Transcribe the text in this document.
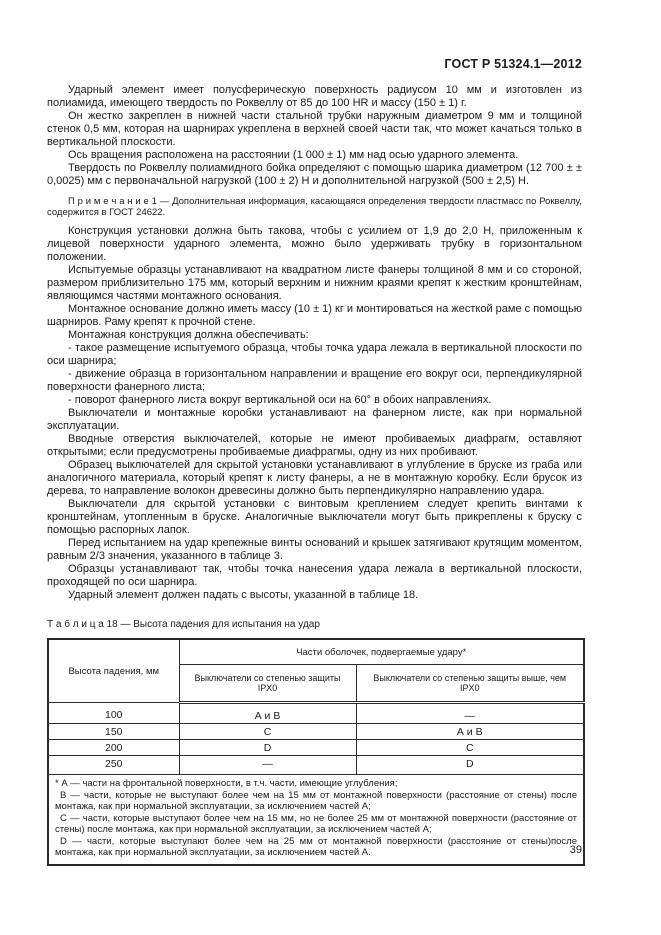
ГОСТ Р 51324.1—2012

Ударный элемент имеет полусферическую поверхность радиусом 10 мм и изготовлен из полиамида, имеющего твердость по Роквеллу от 85 до 100 HR и массу (150 ± 1) г.

Он жестко закреплен в нижней части стальной трубки наружным диаметром 9 мм и толщиной стенок 0,5 мм, которая на шарнирах укреплена в верхней своей части так, что может качаться только в вертикальной плоскости.

Ось вращения расположена на расстоянии (1 000 ± 1) мм над осью ударного элемента.

Твердость по Роквеллу полиамидного бойка определяют с помощью шарика диаметром (12 700 ± ± 0,0025) мм с первоначальной нагрузкой (100 ± 2) Н и дополнительной нагрузкой (500 ± 2,5) Н.

П р и м е ч а н и е 1 — Дополнительная информация, касающаяся определения твердости пластмасс по Роквеллу, содержится в ГОСТ 24622.

Конструкция установки должна быть такова, чтобы с усилием от 1,9 до 2,0 Н, приложенным к лицевой поверхности ударного элемента, можно было удерживать трубку в горизонтальном положении.

Испытуемые образцы устанавливают на квадратном листе фанеры толщиной 8 мм и со стороной, размером приблизительно 175 мм, который верхним и нижним краями крепят к жестким кронштейнам, являющимся частями монтажного основания.

Монтажное основание должно иметь массу (10 ± 1) кг и монтироваться на жесткой раме с помощью шарниров. Раму крепят к прочной стене.

Монтажная конструкция должна обеспечивать:

- такое размещение испытуемого образца, чтобы точка удара лежала в вертикальной плоскости по оси шарнира;

- движение образца в горизонтальном направлении и вращение его вокруг оси, перпендикулярной поверхности фанерного листа;

- поворот фанерного листа вокруг вертикальной оси на 60° в обоих направлениях.

Выключатели и монтажные коробки устанавливают на фанерном листе, как при нормальной эксплуатации.

Вводные отверстия выключателей, которые не имеют пробиваемых диафрагм, оставляют открытыми; если предусмотрены пробиваемые диафрагмы, одну из них пробивают.

Образец выключателей для скрытой установки устанавливают в углубление в бруске из граба или аналогичного материала, который крепят к листу фанеры, а не в монтажную коробку. Если брусок из дерева, то направление волокон древесины должно быть перпендикулярно направлению удара.

Выключатели для скрытой установки с винтовым креплением следует крепить винтами к кронштейнам, утопленным в бруске. Аналогичные выключатели могут быть прикреплены к бруску с помощью распорных лапок.

Перед испытанием на удар крепежные винты оснований и крышек затягивают крутящим моментом, равным 2/3 значения, указанного в таблице 3.

Образцы устанавливают так, чтобы точка нанесения удара лежала в вертикальной плоскости, проходящей по оси шарнира.

Ударный элемент должен падать с высоты, указанной в таблице 18.

Т а б л и ц а 18 — Высота падения для испытания на удар

Высота падения, мм	Части оболочек, подвергаемые удару*	
	Выключатели со степенью защиты IPX0	Выключатели со степенью защиты выше, чем IPX0
100	А и В	—
150	С	А и В
200	D	С
250	—	D

* А — части на фронтальной поверхности, в т.ч. части, имеющие углубления;
В — части, которые не выступают более чем на 15 мм от монтажной поверхности (расстояние от стены) после монтажа, как при нормальной эксплуатации, за исключением частей А;
С — части, которые выступают более чем на 15 мм, но не более 25 мм от монтажной поверхности (расстояние от стены) после монтажа, как при нормальной эксплуатации, за исключением частей А;
D — части, которые выступают более чем на 25 мм от монтажной поверхности (расстояние от стены)после монтажа, как при нормальной эксплуатации, за исключением частей А.			39
